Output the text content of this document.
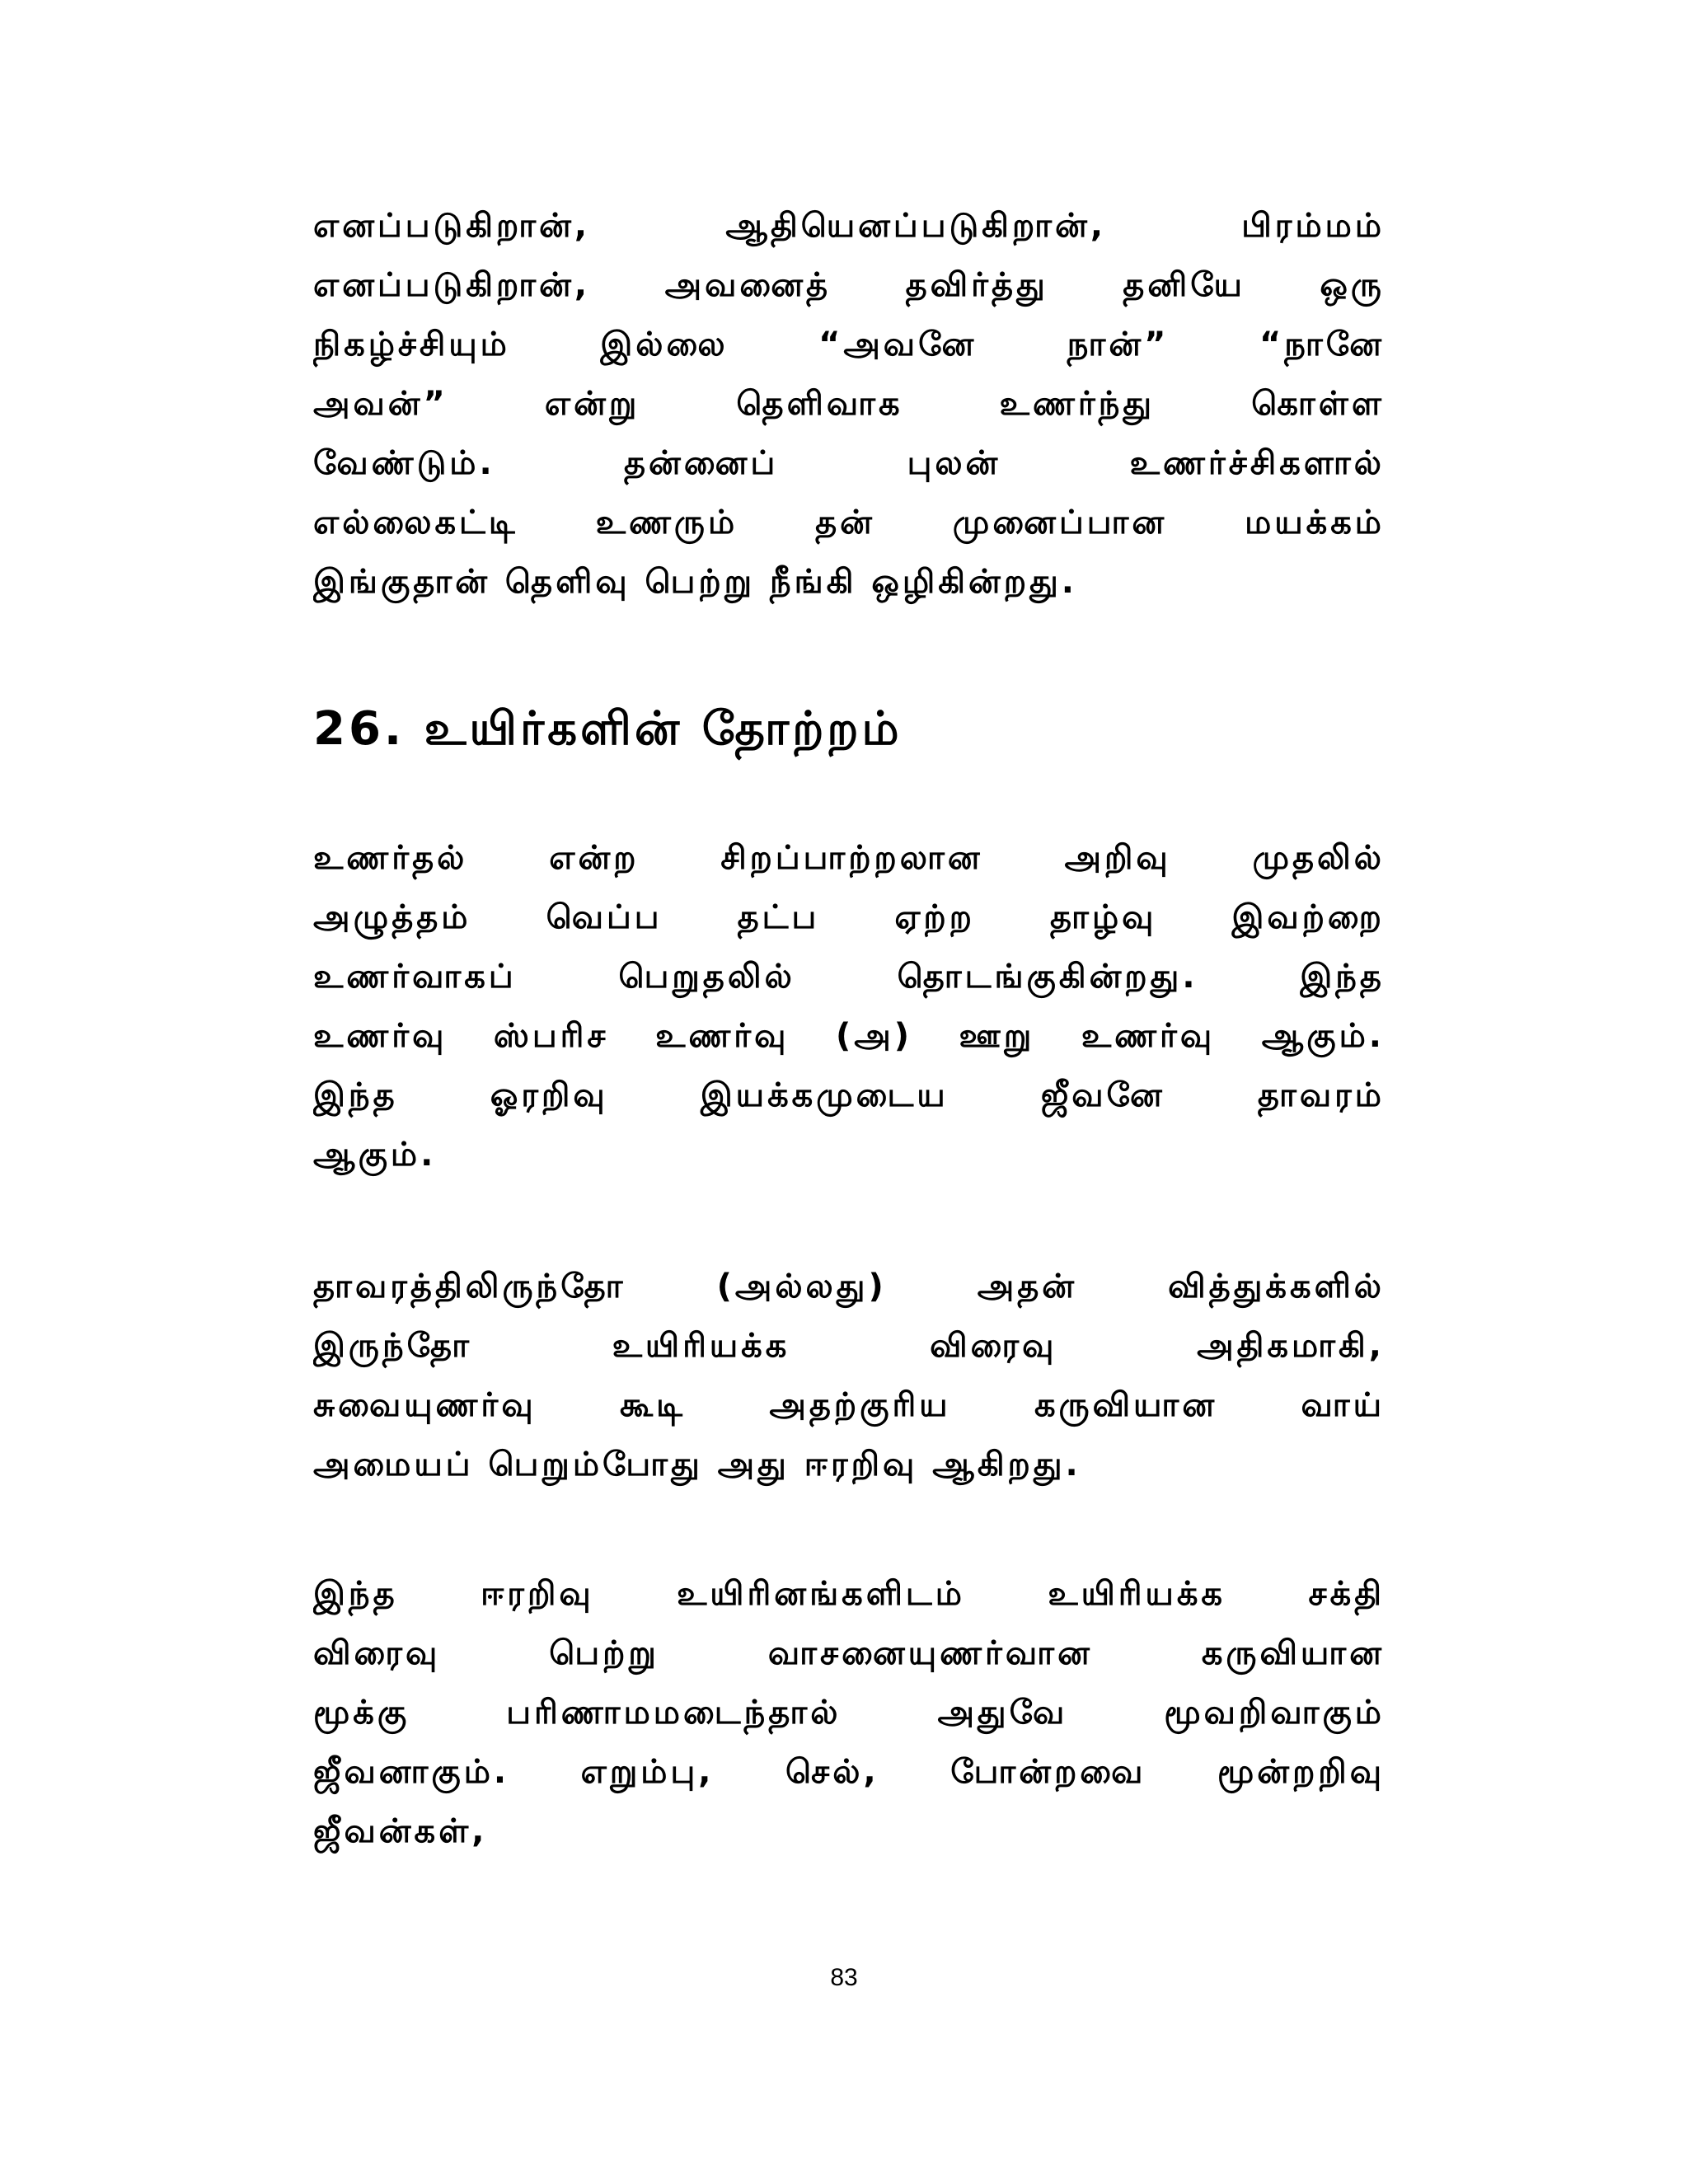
எனப்படுகிறான், ஆதியெனப்படுகிறான், பிரம்மம்
எனப்படுகிறான், அவனைத் தவிர்த்து தனியே ஒரு
நிகழ்ச்சியும் இல்லை “அவனே நான்” “நானே
அவன்” என்று தெளிவாக உணர்ந்து கொள்ள
வேண்டும். தன்னைப் புலன் உணர்ச்சிகளால்
எல்லைகட்டி உணரும் தன் முனைப்பான மயக்கம்
இங்குதான் தெளிவு பெற்று நீங்கி ஒழிகின்றது.
26. உயிர்களின் தோற்றம்
உணர்தல் என்ற சிறப்பாற்றலான அறிவு முதலில்
அழுத்தம் வெப்ப தட்ப ஏற்ற தாழ்வு இவற்றை
உணர்வாகப் பெறுதலில் தொடங்குகின்றது. இந்த
உணர்வு ஸ்பரிச உணர்வு (அ) ஊறு உணர்வு ஆகும்.
இந்த ஓரறிவு இயக்கமுடைய ஜீவனே தாவரம்
ஆகும்.
தாவரத்திலிருந்தோ (அல்லது) அதன் வித்துக்களில்
இருந்தோ உயிரியக்க விரைவு அதிகமாகி,
சுவையுணர்வு கூடி அதற்குரிய கருவியான வாய்
அமையப் பெறும்போது அது ஈரறிவு ஆகிறது.
இந்த ஈரறிவு உயிரினங்களிடம் உயிரியக்க சக்தி
விரைவு பெற்று வாசனையுணர்வான கருவியான
மூக்கு பரிணாமமடைந்தால் அதுவே மூவறிவாகும்
ஜீவனாகும். எறும்பு, செல், போன்றவை மூன்றறிவு
ஜீவன்கள்,
83
